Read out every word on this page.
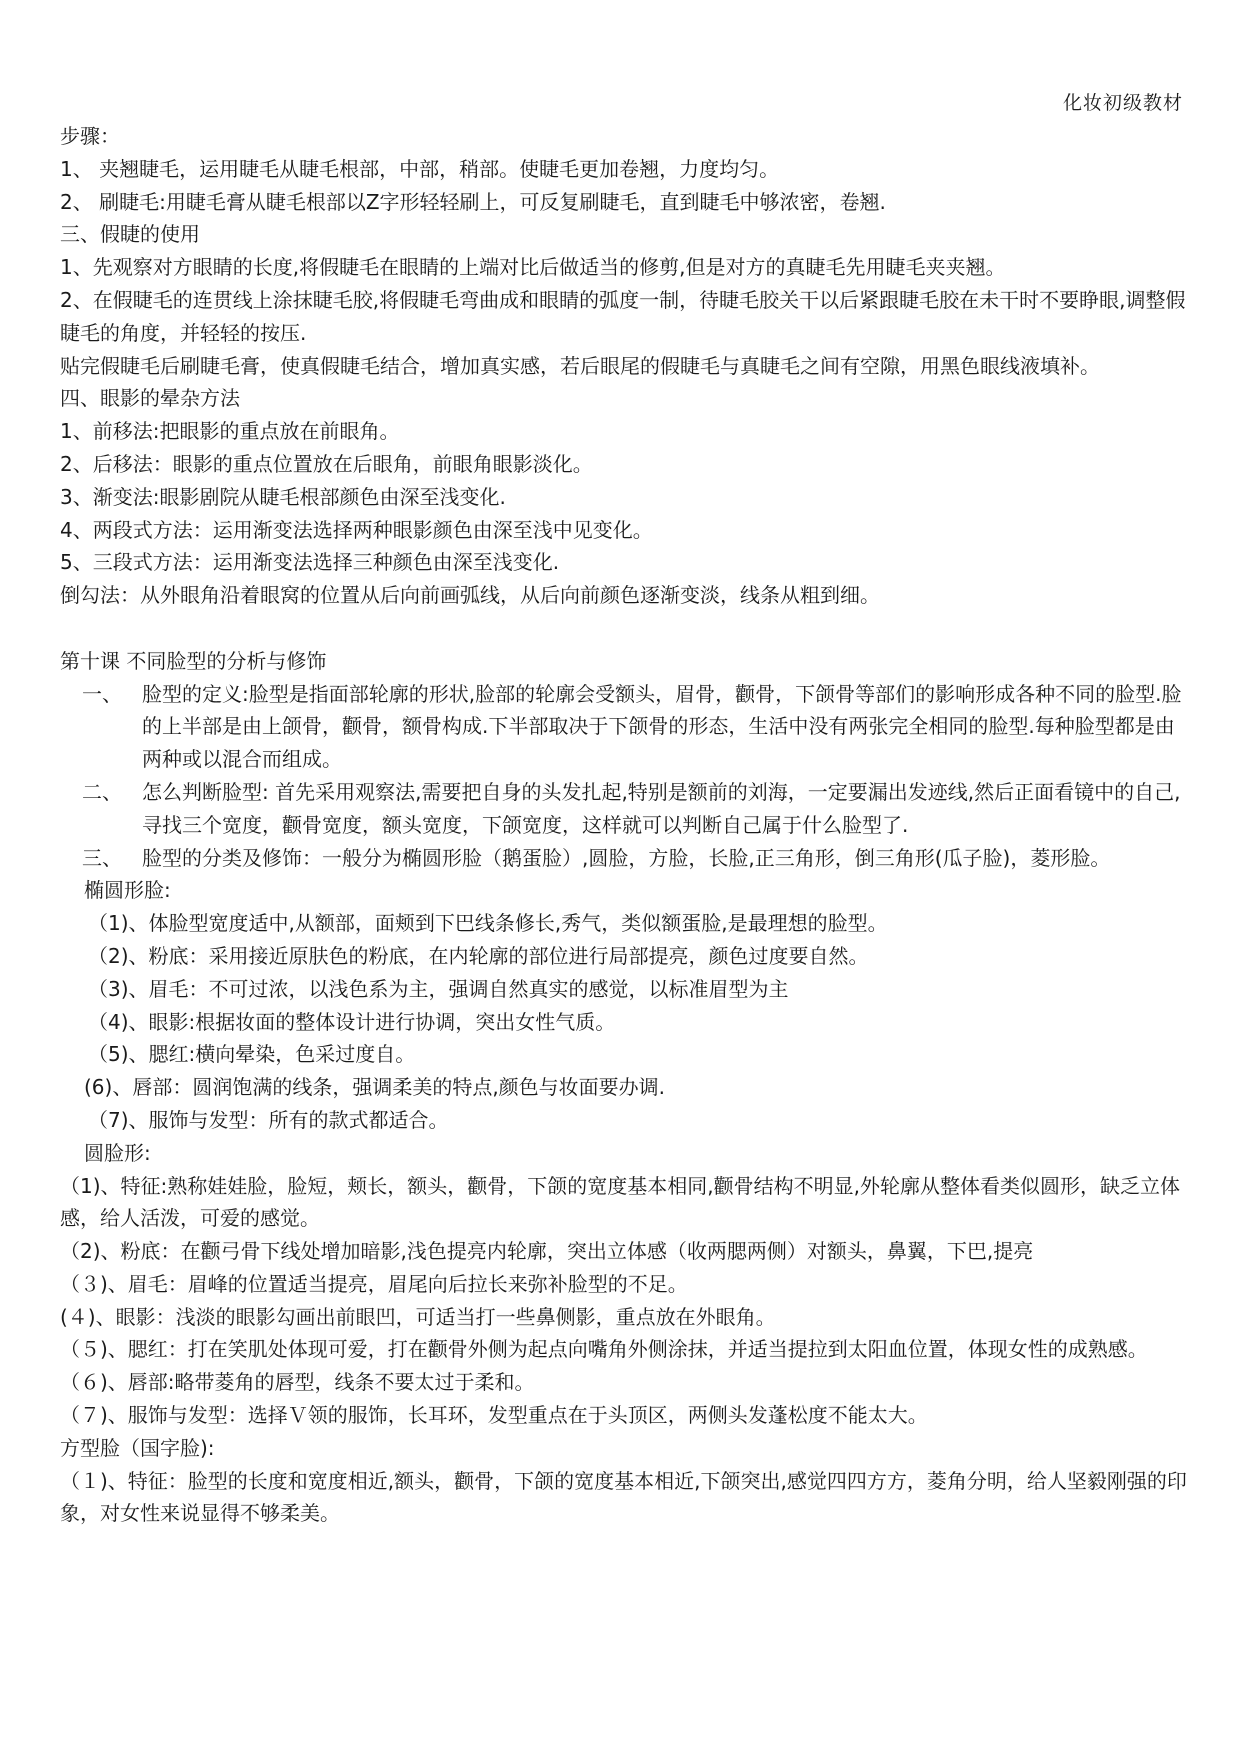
化妆初级教材
步骤：
1、 夹翘睫毛，运用睫毛从睫毛根部，中部，稍部。使睫毛更加卷翘，力度均匀。
2、 刷睫毛:用睫毛膏从睫毛根部以Z字形轻轻刷上，可反复刷睫毛，直到睫毛中够浓密，卷翘.
三、假睫的使用
1、先观察对方眼睛的长度,将假睫毛在眼睛的上端对比后做适当的修剪,但是对方的真睫毛先用睫毛夹夹翘。
2、在假睫毛的连贯线上涂抹睫毛胶,将假睫毛弯曲成和眼睛的弧度一制，待睫毛胶关干以后紧跟睫毛胶在未干时不要睁眼,调整假睫毛的角度，并轻轻的按压.
贴完假睫毛后刷睫毛膏，使真假睫毛结合，增加真实感，若后眼尾的假睫毛与真睫毛之间有空隙，用黑色眼线液填补。
四、眼影的晕杂方法
1、前移法:把眼影的重点放在前眼角。
2、后移法：眼影的重点位置放在后眼角，前眼角眼影淡化。
3、渐变法:眼影剧院从睫毛根部颜色由深至浅变化.
4、两段式方法：运用渐变法选择两种眼影颜色由深至浅中见变化。
5、三段式方法：运用渐变法选择三种颜色由深至浅变化.
倒勾法：从外眼角沿着眼窝的位置从后向前画弧线，从后向前颜色逐渐变淡，线条从粗到细。
第十课 不同脸型的分析与修饰
一、	脸型的定义:脸型是指面部轮廓的形状,脸部的轮廓会受额头，眉骨，颧骨，下颌骨等部们的影响形成各种不同的脸型.脸的上半部是由上颌骨，颧骨，额骨构成.下半部取决于下颌骨的形态，生活中没有两张完全相同的脸型.每种脸型都是由两种或以混合而组成。
二、	怎么判断脸型: 首先采用观察法,需要把自身的头发扎起,特别是额前的刘海，一定要漏出发迹线,然后正面看镜中的自己,寻找三个宽度，颧骨宽度，额头宽度，下颌宽度，这样就可以判断自己属于什么脸型了.
三、	脸型的分类及修饰：一般分为椭圆形脸（鹅蛋脸）,圆脸，方脸，长脸,正三角形，倒三角形(瓜子脸)，菱形脸。
椭圆形脸:
（1)、体脸型宽度适中,从额部，面颊到下巴线条修长,秀气，类似额蛋脸,是最理想的脸型。
（2)、粉底：采用接近原肤色的粉底，在内轮廓的部位进行局部提亮，颜色过度要自然。
（3)、眉毛：不可过浓，以浅色系为主，强调自然真实的感觉，以标准眉型为主
（4)、眼影:根据妆面的整体设计进行协调，突出女性气质。
（5)、腮红:横向晕染，色采过度自。
(6)、唇部：圆润饱满的线条，强调柔美的特点,颜色与妆面要办调.
（7)、服饰与发型：所有的款式都适合。
圆脸形:
（1)、特征:熟称娃娃脸，脸短，颊长，额头，颧骨，下颌的宽度基本相同,颧骨结构不明显,外轮廓从整体看类似圆形，缺乏立体感，给人活泼，可爱的感觉。
（2)、粉底：在颧弓骨下线处增加暗影,浅色提亮内轮廓，突出立体感（收两腮两侧）对额头，鼻翼，下巴,提亮
（３)、眉毛：眉峰的位置适当提亮，眉尾向后拉长来弥补脸型的不足。
(４)、眼影：浅淡的眼影勾画出前眼凹，可适当打一些鼻侧影，重点放在外眼角。
（５)、腮红：打在笑肌处体现可爱，打在颧骨外侧为起点向嘴角外侧涂抹，并适当提拉到太阳血位置，体现女性的成熟感。
（６)、唇部:略带菱角的唇型，线条不要太过于柔和。
（７)、服饰与发型：选择Ｖ领的服饰，长耳环，发型重点在于头顶区，两侧头发蓬松度不能太大。
方型脸（国字脸):
（１)、特征：脸型的长度和宽度相近,额头，颧骨，下颌的宽度基本相近,下颌突出,感觉四四方方，菱角分明，给人坚毅刚强的印象，对女性来说显得不够柔美。
